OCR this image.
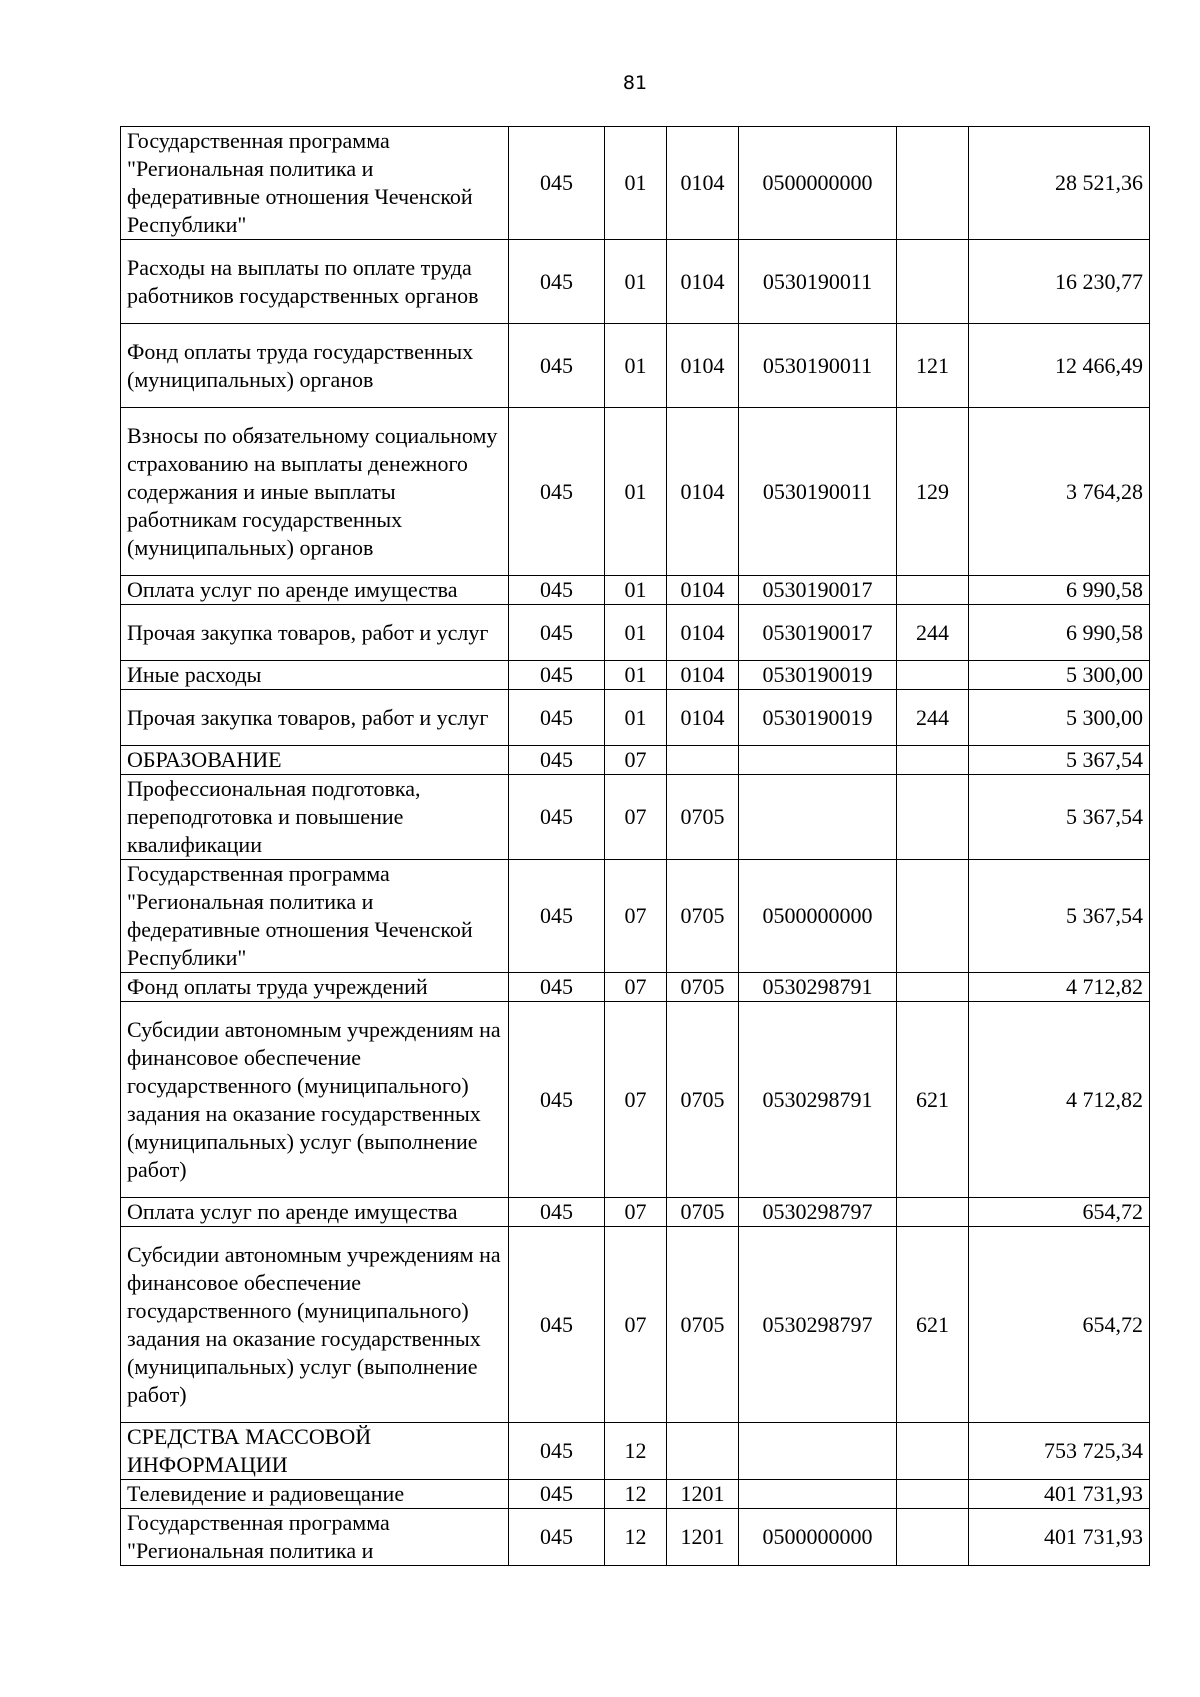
81
Государственная программа "Региональная политика и федеративные отношения Чеченской Республики"	045	01	0104	0500000000		28 521,36
Расходы на выплаты по оплате труда работников государственных органов	045	01	0104	0530190011		16 230,77
Фонд оплаты труда государственных (муниципальных) органов	045	01	0104	0530190011	121	12 466,49
Взносы по обязательному социальному страхованию на выплаты денежного содержания и иные выплаты работникам государственных (муниципальных) органов	045	01	0104	0530190011	129	3 764,28
Оплата услуг по аренде имущества	045	01	0104	0530190017		6 990,58
Прочая закупка товаров, работ и услуг	045	01	0104	0530190017	244	6 990,58
Иные расходы	045	01	0104	0530190019		5 300,00
Прочая закупка товаров, работ и услуг	045	01	0104	0530190019	244	5 300,00
ОБРАЗОВАНИЕ	045	07				5 367,54
Профессиональная подготовка, переподготовка и повышение квалификации	045	07	0705			5 367,54
Государственная программа "Региональная политика и федеративные отношения Чеченской Республики"	045	07	0705	0500000000		5 367,54
Фонд оплаты труда учреждений	045	07	0705	0530298791		4 712,82
Субсидии автономным учреждениям на финансовое обеспечение государственного (муниципального) задания на оказание государственных (муниципальных) услуг (выполнение работ)	045	07	0705	0530298791	621	4 712,82
Оплата услуг по аренде имущества	045	07	0705	0530298797		654,72
Субсидии автономным учреждениям на финансовое обеспечение государственного (муниципального) задания на оказание государственных (муниципальных) услуг (выполнение работ)	045	07	0705	0530298797	621	654,72
СРЕДСТВА МАССОВОЙ ИНФОРМАЦИИ	045	12				753 725,34
Телевидение и радиовещание	045	12	1201			401 731,93
Государственная программа "Региональная политика и	045	12	1201	0500000000		401 731,93
